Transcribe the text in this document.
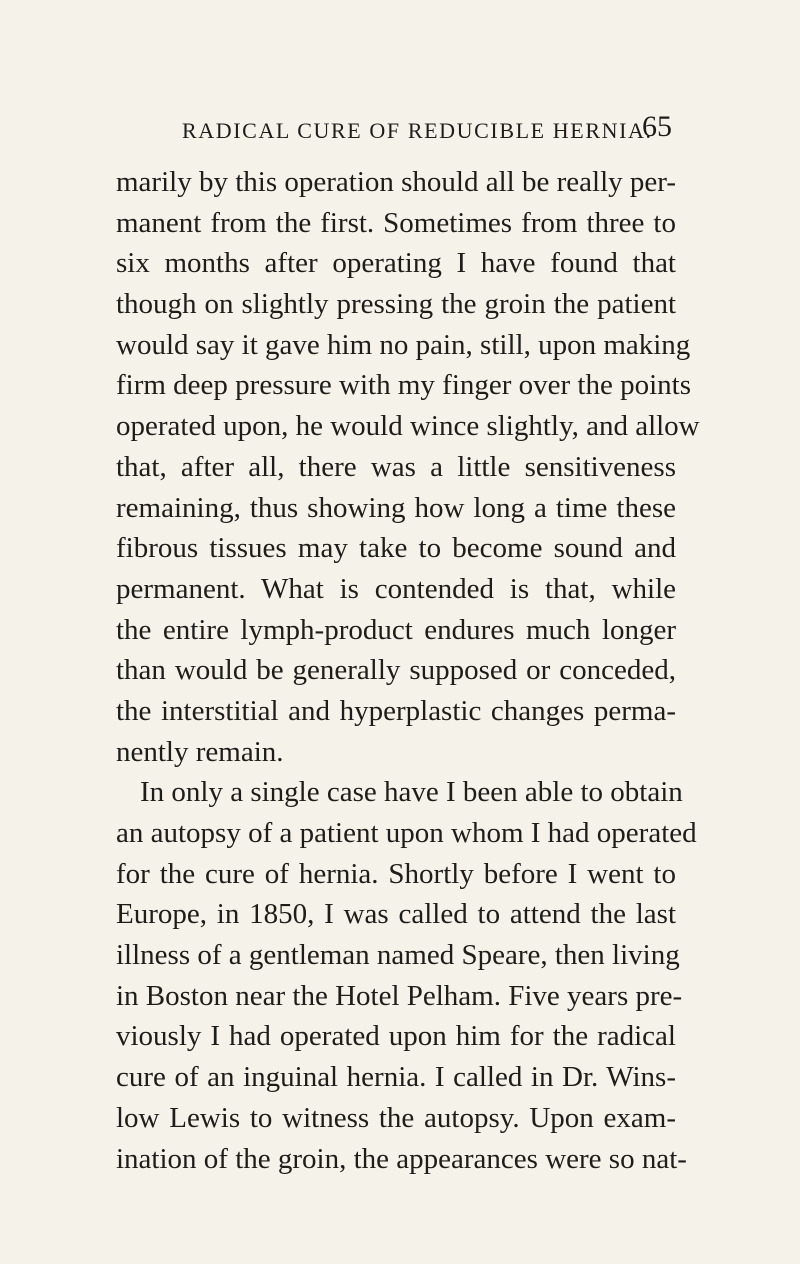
RADICAL CURE OF REDUCIBLE HERNIA.
65
marily by this operation should all be really per-
manent from the first. Sometimes from three to
six months after operating I have found that
though on slightly pressing the groin the patient
would say it gave him no pain, still, upon making
firm deep pressure with my finger over the points
operated upon, he would wince slightly, and allow
that, after all, there was a little sensitiveness
remaining, thus showing how long a time these
fibrous tissues may take to become sound and
permanent. What is contended is that, while
the entire lymph-product endures much longer
than would be generally supposed or conceded,
the interstitial and hyperplastic changes perma-
nently remain.
In only a single case have I been able to obtain
an autopsy of a patient upon whom I had operated
for the cure of hernia. Shortly before I went to
Europe, in 1850, I was called to attend the last
illness of a gentleman named Speare, then living
in Boston near the Hotel Pelham. Five years pre-
viously I had operated upon him for the radical
cure of an inguinal hernia. I called in Dr. Wins-
low Lewis to witness the autopsy. Upon exam-
ination of the groin, the appearances were so nat-
